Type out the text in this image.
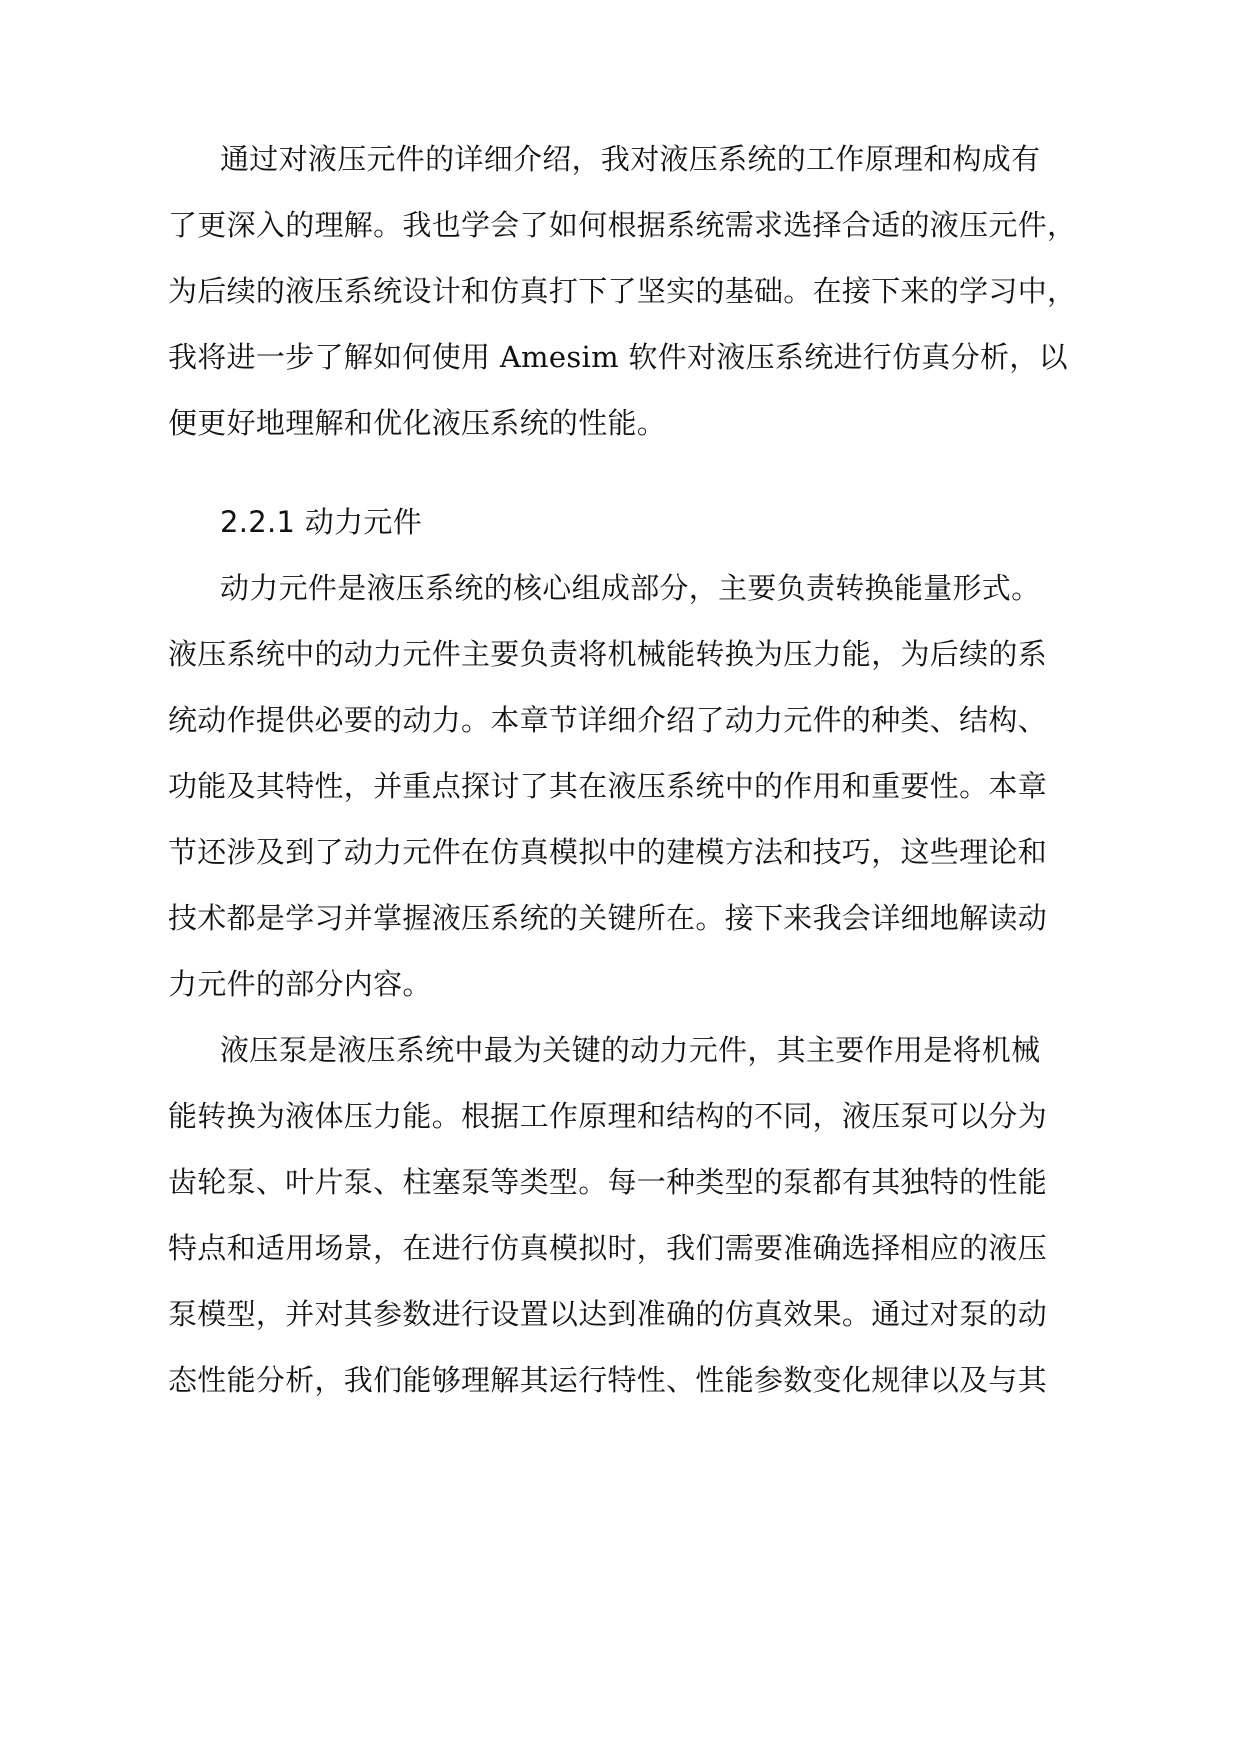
通过对液压元件的详细介绍，我对液压系统的工作原理和构成有
了更深入的理解。我也学会了如何根据系统需求选择合适的液压元件，
为后续的液压系统设计和仿真打下了坚实的基础。在接下来的学习中，
我将进一步了解如何使用 Amesim 软件对液压系统进行仿真分析，以
便更好地理解和优化液压系统的性能。
2.2.1 动力元件
动力元件是液压系统的核心组成部分，主要负责转换能量形式。
液压系统中的动力元件主要负责将机械能转换为压力能，为后续的系
统动作提供必要的动力。本章节详细介绍了动力元件的种类、结构、
功能及其特性，并重点探讨了其在液压系统中的作用和重要性。本章
节还涉及到了动力元件在仿真模拟中的建模方法和技巧，这些理论和
技术都是学习并掌握液压系统的关键所在。接下来我会详细地解读动
力元件的部分内容。
液压泵是液压系统中最为关键的动力元件，其主要作用是将机械
能转换为液体压力能。根据工作原理和结构的不同，液压泵可以分为
齿轮泵、叶片泵、柱塞泵等类型。每一种类型的泵都有其独特的性能
特点和适用场景，在进行仿真模拟时，我们需要准确选择相应的液压
泵模型，并对其参数进行设置以达到准确的仿真效果。通过对泵的动
态性能分析，我们能够理解其运行特性、性能参数变化规律以及与其
